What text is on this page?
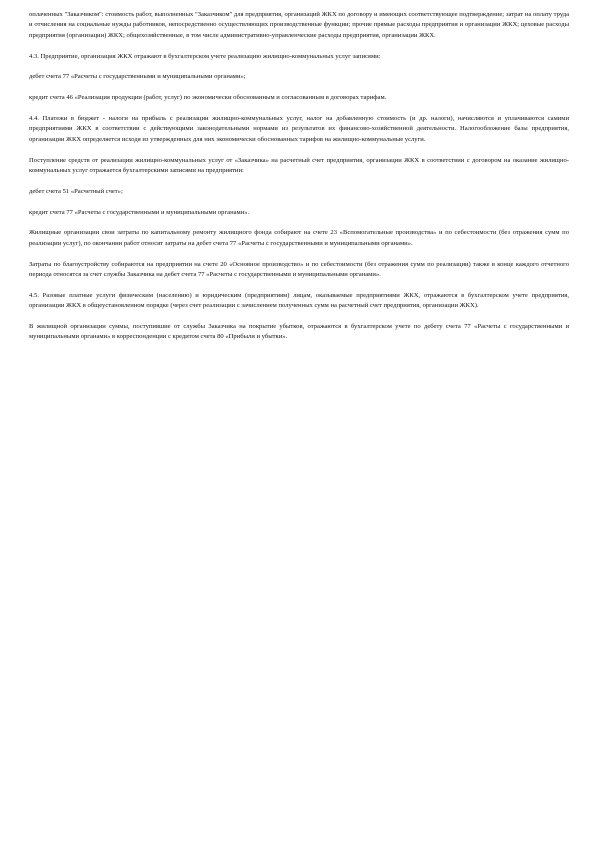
оплаченных "Заказчиком": стоимость работ, выполненных "Заказчиком" для предприятия, организаций ЖКХ по договору и имеющих соответствующее подтверждение; затрат на оплату труда и отчисления на социальные нужды работников, непосредственно осуществляющих производственные функции; прочие прямые расходы предприятия и организации ЖКХ; цеховые расходы предприятия (организации) ЖКХ; общехозяйственные, в том числе административно-управленческие расходы предприятия, организации ЖКХ.

4.3. Предприятие, организация ЖКХ отражают в бухгалтерском учете реализацию жилищно-коммунальных услуг записями:

дебет счета 77 «Расчеты с государственными и муниципальными органами»;

кредит счета 46 «Реализация продукции (работ, услуг) по экономически обоснованным и согласованным в договорах тарифам.

4.4. Платежи в бюджет - налоги на прибыль с реализации жилищно-коммунальных услуг, налог на добавленную стоимость (и др. налоги), начисляются и уплачиваются самими предприятиями ЖКХ в соответствии с действующими законодательными нормами из результатов их финансово-хозяйственной деятельности. Налогообложение базы предприятия, организации ЖКХ определяется исходя из утвержденных для них экономически обоснованных тарифов на жилищно-коммунальные услуги.

Поступление средств от реализации жилищно-коммунальных услуг от «Заказчика» на расчетный счет предприятия, организации ЖКХ в соответствии с договором на оказание жилищно-коммунальных услуг отражается бухгалтерскими записями на предприятии:

дебет счета 51 «Расчетный счет»;

кредит счета 77 «Расчеты с государственными и муниципальными органами».

Жилищные организации свои затраты по капитальному ремонту жилищного фонда собирают на счете 23 «Вспомогательные производства» и по себестоимости (без отражения сумм по реализации услуг), по окончании работ относят затраты на дебет счета 77 «Расчеты с государственными и муниципальными органами».

Затраты по благоустройству собираются на предприятии на счете 20 «Основное производство» и по себестоимости (без отражения сумм по реализации) также в конце каждого отчетного периода относятся за счет службы Заказчика на дебет счета 77 «Расчеты с государственными и муниципальными органами».

4.5. Разовые платные услуги физическим (населению) и юридическим (предприятиям) лицам, оказываемые предприятиями ЖКХ, отражаются в бухгалтерском учете предприятия, организации ЖКХ в общеустановленном порядке (через счет реализации с зачислением полученных сумм на расчетный счет предприятия, организации ЖКХ).

В жилищной организации суммы, поступившие от службы Заказчика на покрытие убытков, отражаются в бухгалтерском учете по дебету счета 77 «Расчеты с государственными и муниципальными органами» в корреспонденции с кредитом счета 80 «Прибыли и убытки».
